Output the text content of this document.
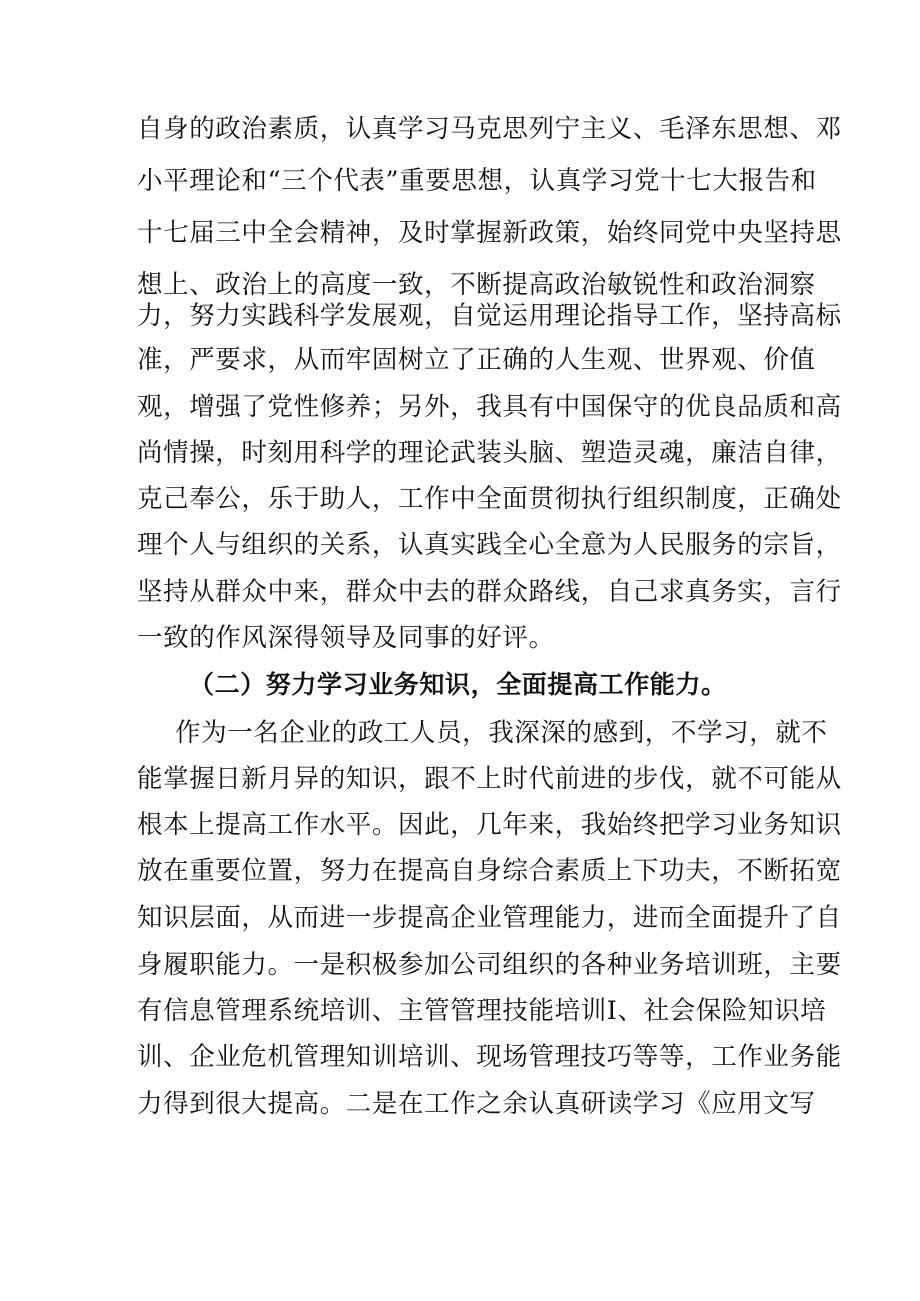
自身的政治素质，认真学习马克思列宁主义、毛泽东思想、邓
小平理论和“三个代表”重要思想，认真学习党十七大报告和
十七届三中全会精神，及时掌握新政策，始终同党中央坚持思
想上、政治上的高度一致，不断提高政治敏锐性和政治洞察
力，努力实践科学发展观，自觉运用理论指导工作，坚持高标
准，严要求，从而牢固树立了正确的人生观、世界观、价值
观，增强了党性修养；另外，我具有中国保守的优良品质和高
尚情操，时刻用科学的理论武装头脑、塑造灵魂，廉洁自律，
克己奉公，乐于助人，工作中全面贯彻执行组织制度，正确处
理个人与组织的关系，认真实践全心全意为人民服务的宗旨，
坚持从群众中来，群众中去的群众路线，自己求真务实，言行
一致的作风深得领导及同事的好评。
（二）努力学习业务知识，全面提高工作能力。
作为一名企业的政工人员，我深深的感到，不学习，就不
能掌握日新月异的知识，跟不上时代前进的步伐，就不可能从
根本上提高工作水平。因此，几年来，我始终把学习业务知识
放在重要位置，努力在提高自身综合素质上下功夫，不断拓宽
知识层面，从而进一步提高企业管理能力，进而全面提升了自
身履职能力。一是积极参加公司组织的各种业务培训班，主要
有信息管理系统培训、主管管理技能培训I、社会保险知识培
训、企业危机管理知训培训、现场管理技巧等等，工作业务能
力得到很大提高。二是在工作之余认真研读学习《应用文写
